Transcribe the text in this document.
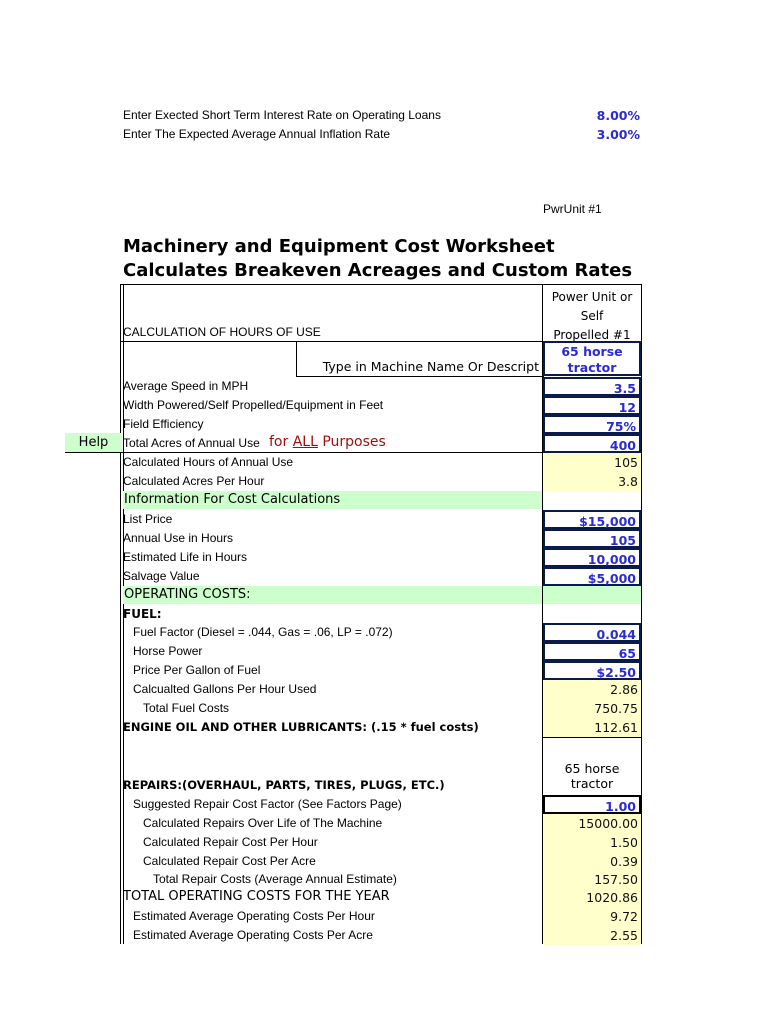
Enter Exected Short Term Interest Rate on Operating Loans	8.00%
Enter The Expected Average Annual Inflation Rate	3.00%
PwrUnit #1
Machinery and Equipment Cost Worksheet
Calculates Breakeven Acreages and Custom Rates
Power Unit or
Self
Propelled #1
CALCULATION OF HOURS OF USE
Type in Machine Name Or Descript
65 horse
tractor
Average Speed in MPH	3.5
Width Powered/Self Propelled/Equipment in Feet	12
Field Efficiency	75%
Help	Total Acres of Annual Use for ALL Purposes	400
Calculated Hours of Annual Use	105
Calculated Acres Per Hour	3.8
Information For Cost Calculations
List Price	$15,000
Annual Use in Hours	105
Estimated Life in Hours	10,000
Salvage Value	$5,000
OPERATING COSTS:
FUEL:
Fuel Factor (Diesel = .044, Gas = .06, LP = .072)	0.044
Horse Power	65
Price Per Gallon of Fuel	$2.50
Calcualted Gallons Per Hour Used	2.86
Total Fuel Costs	750.75
ENGINE OIL AND OTHER LUBRICANTS: (.15 * fuel costs)	112.61
65 horse
tractor
REPAIRS:(OVERHAUL, PARTS, TIRES, PLUGS, ETC.)
Suggested Repair Cost Factor (See Factors Page)	1.00
Calculated Repairs Over Life of The Machine	15000.00
Calculated Repair Cost Per Hour	1.50
Calculated Repair Cost Per Acre	0.39
Total Repair Costs (Average Annual Estimate)	157.50
TOTAL OPERATING COSTS FOR THE YEAR	1020.86
Estimated Average Operating Costs Per Hour	9.72
Estimated Average Operating Costs Per Acre	2.55
